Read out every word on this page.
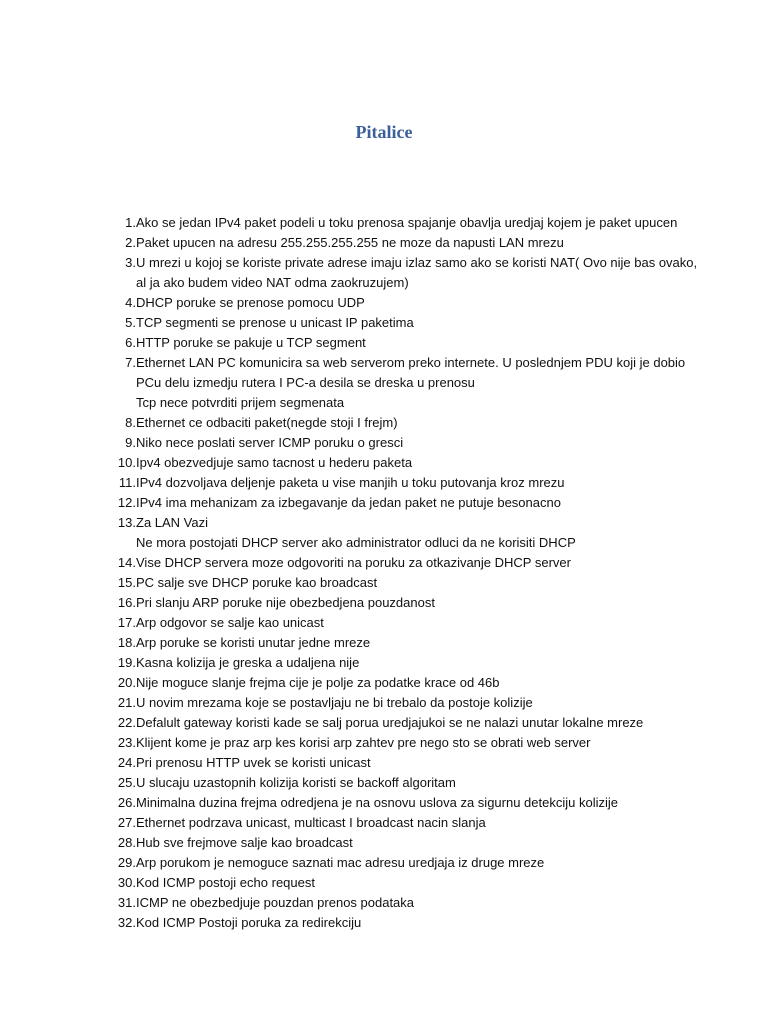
Pitalice
1. Ako se jedan IPv4 paket podeli u toku prenosa spajanje obavlja uredjaj kojem je paket upucen
2. Paket upucen na adresu 255.255.255.255 ne moze da napusti LAN mrezu
3. U mrezi u kojoj se koriste private adrese imaju izlaz samo ako se koristi NAT( Ovo nije bas ovako,
al ja ako budem video NAT odma zaokruzujem)
4. DHCP poruke se prenose pomocu UDP
5. TCP segmenti se prenose u unicast IP paketima
6. HTTP poruke se pakuje u TCP segment
7. Ethernet LAN PC komunicira sa web serverom preko internete. U poslednjem PDU koji je dobio
PCu delu izmedju rutera I PC-a desila se dreska u prenosu
Tcp nece potvrditi prijem segmenata
8. Ethernet ce odbaciti paket(negde stoji I frejm)
9. Niko nece poslati server ICMP poruku o gresci
10. Ipv4 obezvedjuje samo tacnost u hederu paketa
11. IPv4 dozvoljava deljenje paketa u vise manjih u toku putovanja kroz mrezu
12. IPv4 ima mehanizam za izbegavanje da jedan paket ne putuje besonacno
13. Za LAN Vazi
Ne mora postojati DHCP server ako administrator odluci da ne korisiti DHCP
14. Vise DHCP servera moze odgovoriti na poruku za otkazivanje DHCP server
15. PC salje sve DHCP poruke kao broadcast
16. Pri slanju ARP poruke nije obezbedjena pouzdanost
17. Arp odgovor se salje kao unicast
18. Arp poruke se koristi unutar jedne mreze
19. Kasna kolizija je greska a udaljena nije
20. Nije moguce slanje frejma cije je polje za podatke krace od 46b
21. U novim mrezama koje se postavljaju ne bi trebalo da postoje kolizije
22. Defalult gateway koristi kade se salj porua uredjajukoi se ne nalazi unutar lokalne mreze
23. Klijent kome je praz arp kes korisi arp zahtev pre nego sto se obrati web server
24. Pri prenosu HTTP uvek se koristi unicast
25. U slucaju uzastopnih kolizija koristi se backoff algoritam
26. Minimalna duzina frejma odredjena je na osnovu uslova za sigurnu detekciju kolizije
27. Ethernet podrzava unicast, multicast I broadcast nacin slanja
28. Hub sve frejmove salje kao broadcast
29. Arp porukom je nemoguce saznati mac adresu uredjaja iz druge mreze
30. Kod ICMP postoji echo request
31. ICMP ne obezbedjuje pouzdan prenos podataka
32. Kod ICMP Postoji poruka za redirekciju
